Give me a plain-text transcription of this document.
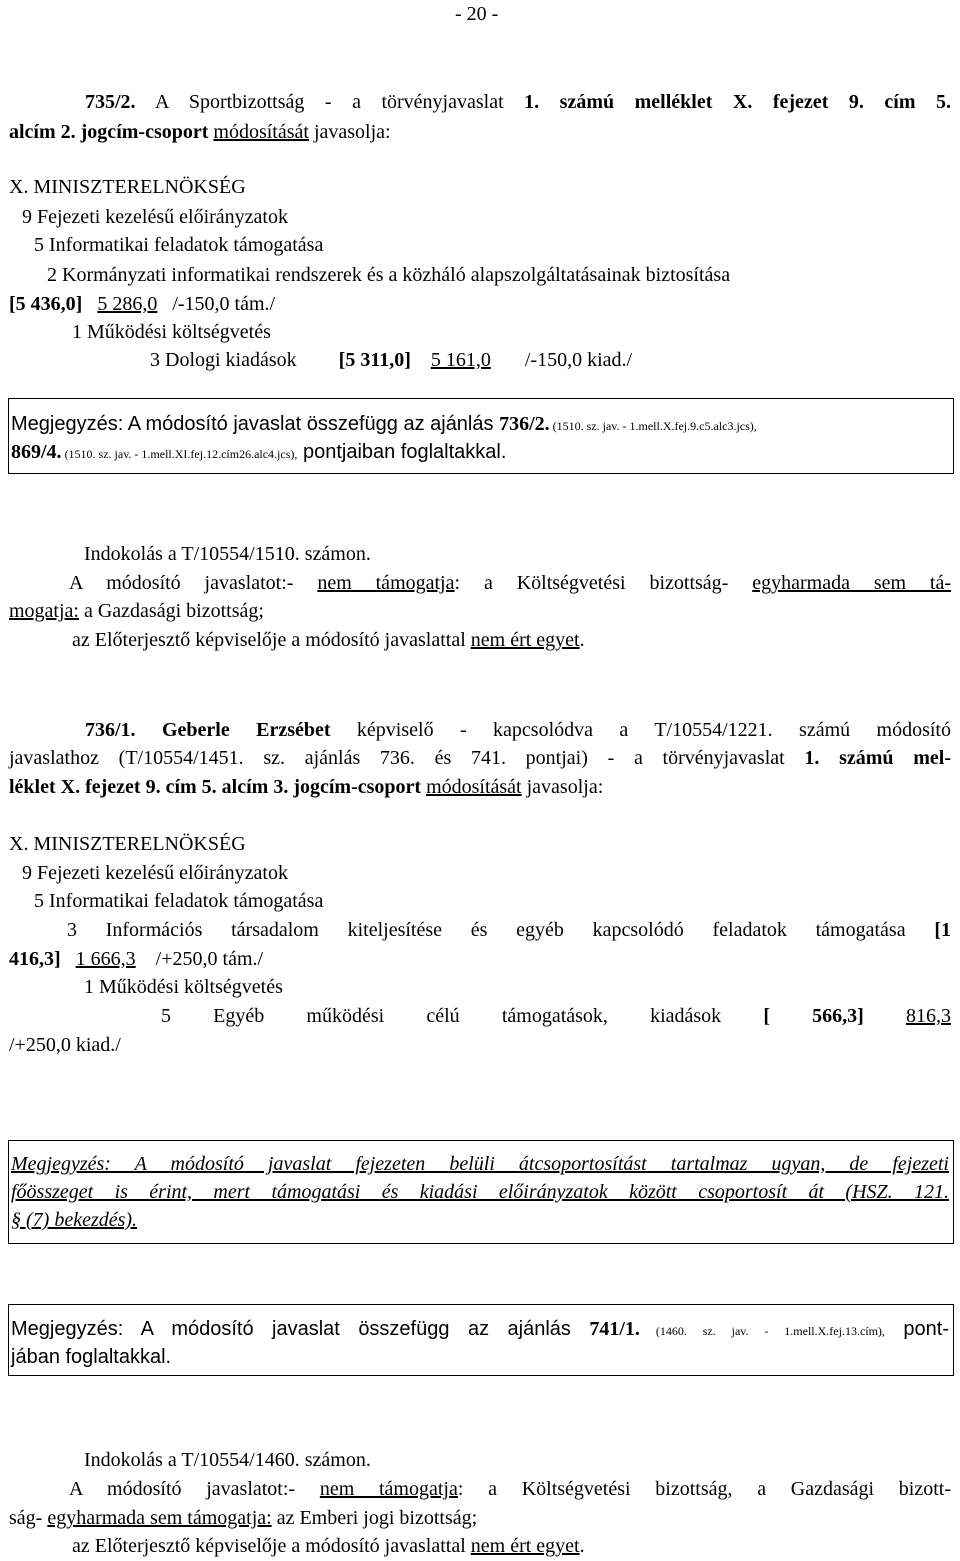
- 20 -
735/2. A Sportbizottság - a törvényjavaslat 1. számú melléklet X. fejezet 9. cím 5.
alcím 2. jogcím-csoport módosítását javasolja:
X. MINISZTERELNÖKSÉG
9 Fejezeti kezelésű előirányzatok
5 Informatikai feladatok támogatása
2 Kormányzati informatikai rendszerek és a közháló alapszolgáltatásainak biztosítása
[5 436,0] 5 286,0 /-150,0 tám./
1 Működési költségvetés
3 Dologi kiadások [5 311,0] 5 161,0 /-150,0 kiad./
Megjegyzés: A módosító javaslat összefügg az ajánlás 736/2. (1510. sz. jav. - 1.mell.X.fej.9.c5.alc3.jcs),
869/4. (1510. sz. jav. - 1.mell.XI.fej.12.cím26.alc4.jcs), pontjaiban foglaltakkal.
Indokolás a T/10554/1510. számon.
A módosító javaslatot:- nem támogatja: a Költségvetési bizottság- egyharmada sem tá-
mogatja: a Gazdasági bizottság;
az Előterjesztő képviselője a módosító javaslattal nem ért egyet.
736/1. Geberle Erzsébet képviselő - kapcsolódva a T/10554/1221. számú módosító
javaslathoz (T/10554/1451. sz. ajánlás 736. és 741. pontjai) - a törvényjavaslat 1. számú mel-
léklet X. fejezet 9. cím 5. alcím 3. jogcím-csoport módosítását javasolja:
X. MINISZTERELNÖKSÉG
9 Fejezeti kezelésű előirányzatok
5 Informatikai feladatok támogatása
3 Információs társadalom kiteljesítése és egyéb kapcsolódó feladatok támogatása [1
416,3] 1 666,3 /+250,0 tám./
1 Működési költségvetés
5 Egyéb működési célú támogatások, kiadások [ 566,3] 816,3
/+250,0 kiad./
Megjegyzés: A módosító javaslat fejezeten belüli átcsoportosítást tartalmaz ugyan, de fejezeti
főösszeget is érint, mert támogatási és kiadási előirányzatok között csoportosít át (HSZ. 121.
§ (7) bekezdés).
Megjegyzés: A módosító javaslat összefügg az ajánlás 741/1. (1460. sz. jav. - 1.mell.X.fej.13.cím), pont-
jában foglaltakkal.
Indokolás a T/10554/1460. számon.
A módosító javaslatot:- nem támogatja: a Költségvetési bizottság, a Gazdasági bizott-
ság- egyharmada sem támogatja: az Emberi jogi bizottság;
az Előterjesztő képviselője a módosító javaslattal nem ért egyet.
